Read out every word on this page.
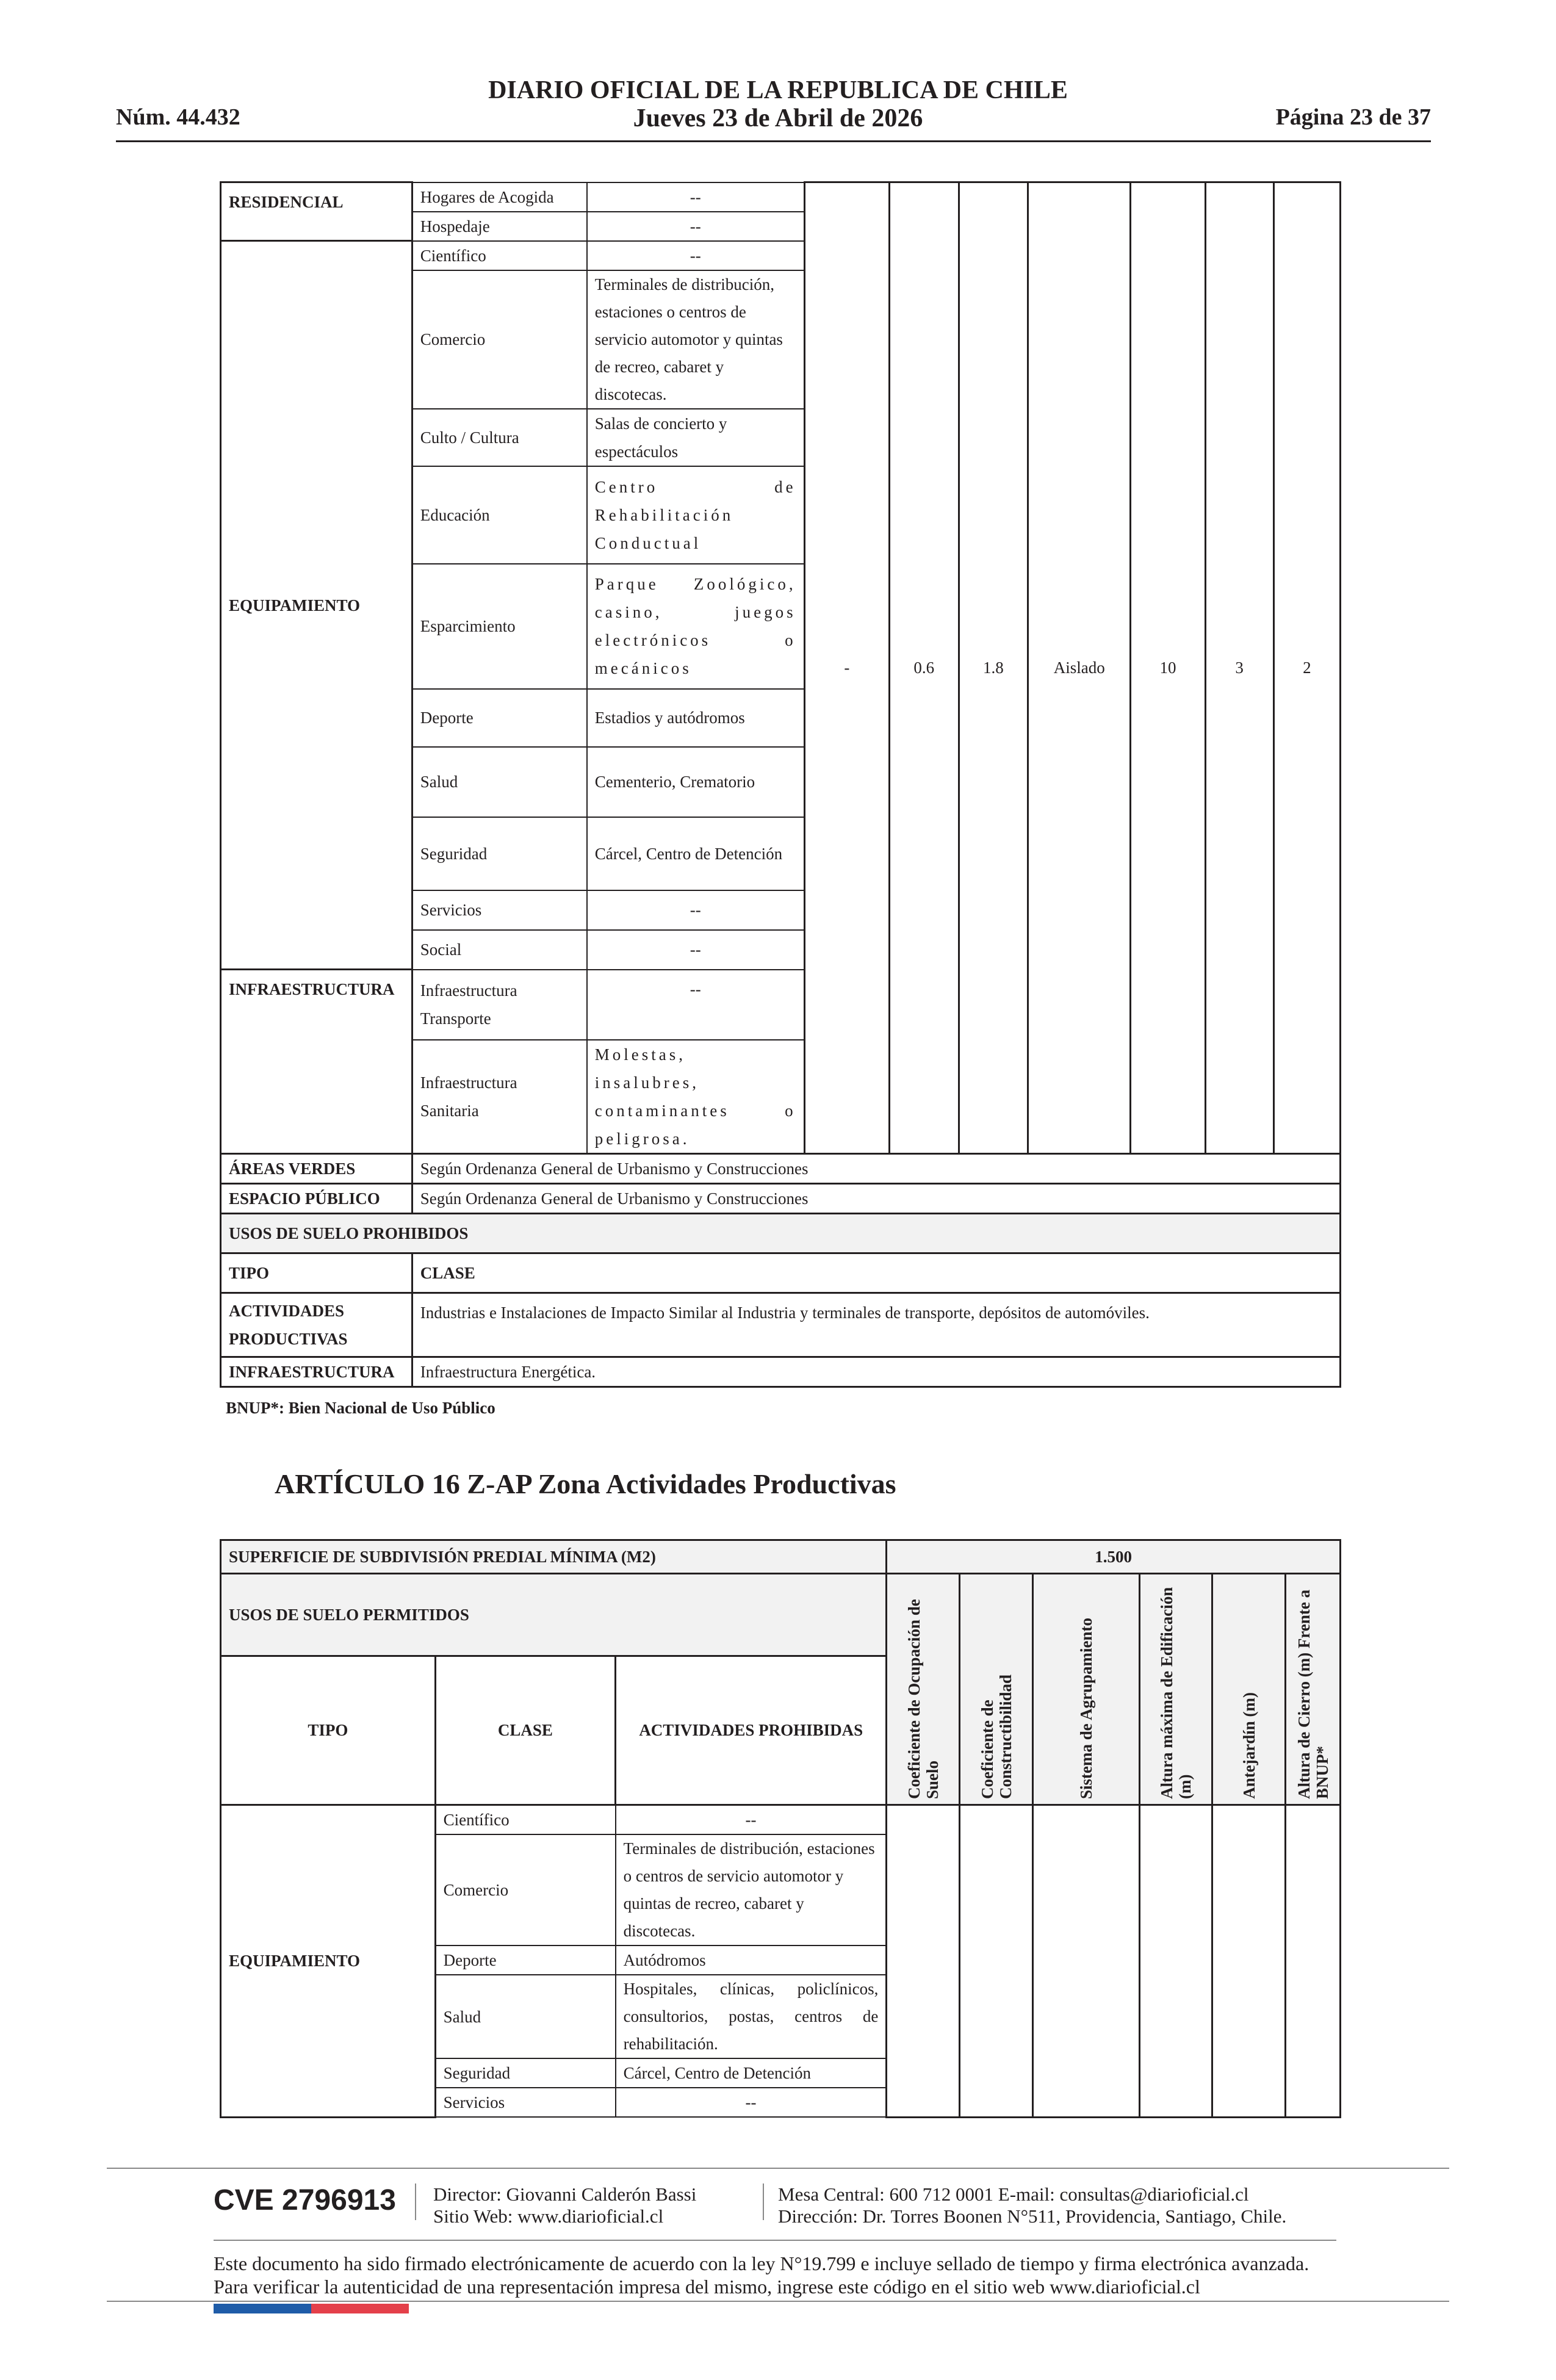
Núm. 44.432
DIARIO OFICIAL DE LA REPUBLICA DE CHILE
Jueves 23 de Abril de 2026	Página 23 de 37
RESIDENCIAL	Hogares de Acogida	--	-	0.6	1.8	Aislado	10	3	2
	Hospedaje	--							
EQUIPAMIENTO	Científico	--							
	Comercio	Terminales de distribución, estaciones o centros de servicio automotor y quintas de recreo, cabaret y discotecas.							
	Culto / Cultura	Salas de concierto y espectáculos							
	Educación	Centro de Rehabilitación Conductual							
	Esparcimiento	Parque Zoológico, casino, juegos electrónicos o mecánicos							
	Deporte	Estadios y autódromos							
	Salud	Cementerio, Crematorio							
	Seguridad	Cárcel, Centro de Detención							
	Servicios	--							
	Social	--							
INFRAESTRUCTURA	Infraestructura Transporte	--							
	Infraestructura Sanitaria	Molestas, insalubres, contaminantes o peligrosa.							
ÁREAS VERDES	Según Ordenanza General de Urbanismo y Construcciones								
ESPACIO PÚBLICO	Según Ordenanza General de Urbanismo y Construcciones								
USOS DE SUELO PROHIBIDOS									
TIPO	CLASE								
ACTIVIDADES PRODUCTIVAS	Industrias e Instalaciones de Impacto Similar al Industria y terminales de transporte, depósitos de automóviles.								
INFRAESTRUCTURA	Infraestructura Energética.								
BNUP*: Bien Nacional de Uso Público
ARTÍCULO 16 Z-AP Zona Actividades Productivas
SUPERFICIE DE SUBDIVISIÓN PREDIAL MÍNIMA (M2)			1.500					
USOS DE SUELO PERMITIDOS			Coeficiente de Ocupación de Suelo	Coeficiente de Constructibilidad	Sistema de Agrupamiento	Altura máxima de Edificación (m)	Antejardín (m)	Altura de Cierro (m) Frente a BNUP*

TIPO	CLASE	ACTIVIDADES PROHIBIDAS						
EQUIPAMIENTO	Científico	--						
	Comercio	Terminales de distribución, estaciones o centros de servicio automotor y quintas de recreo, cabaret y discotecas.						
	Deporte	Autódromos						
	Salud	Hospitales, clínicas, policlínicos, consultorios, postas, centros de rehabilitación.						
	Seguridad	Cárcel, Centro de Detención						
	Servicios	--						
CVE 2796913 Director: Giovanni Calderón Bassi
Sitio Web: www.diarioficial.cl
Mesa Central: 600 712 0001 E-mail: consultas@diarioficial.cl
Dirección: Dr. Torres Boonen N°511, Providencia, Santiago, Chile.
Este documento ha sido firmado electrónicamente de acuerdo con la ley N°19.799 e incluye sellado de tiempo y firma electrónica avanzada. Para verificar la autenticidad de una representación impresa del mismo, ingrese este código en el sitio web www.diarioficial.cl
